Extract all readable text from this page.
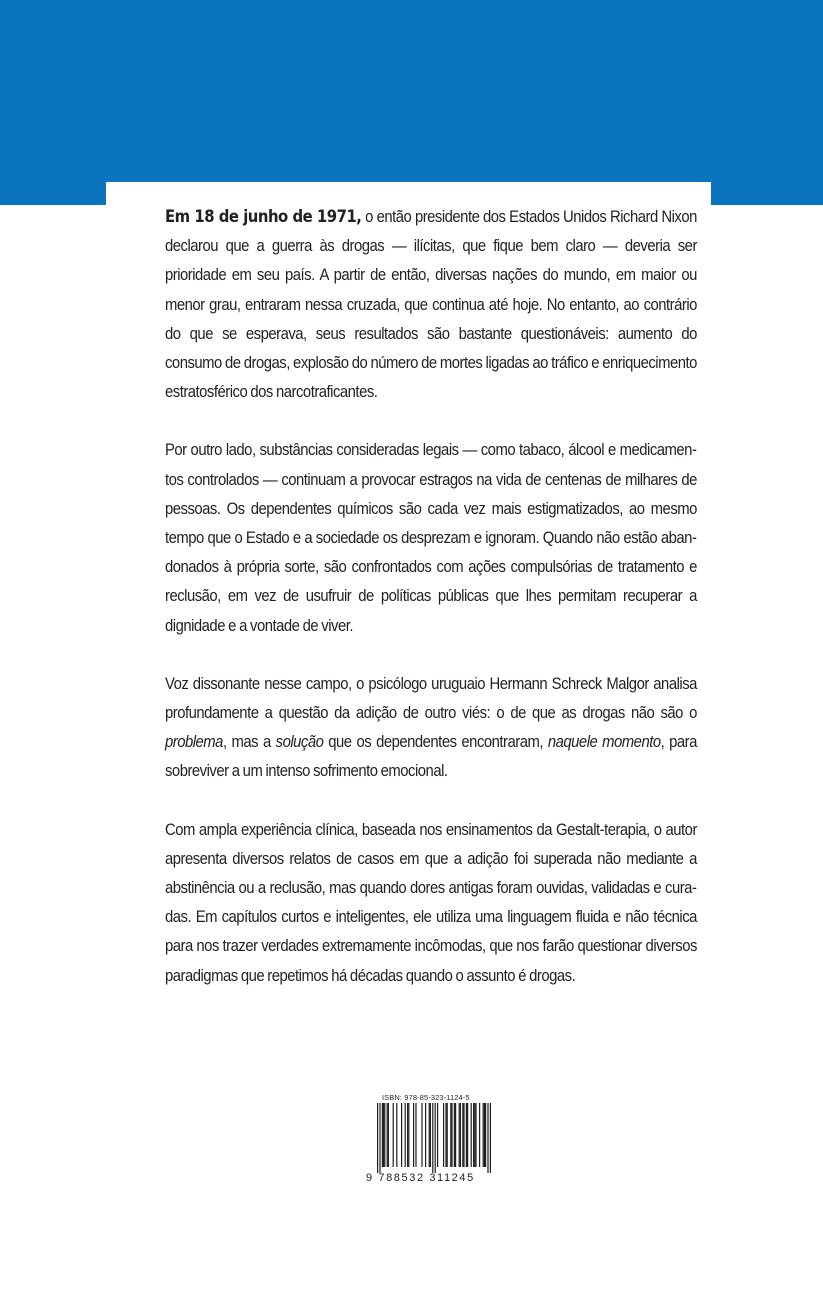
Em 18 de junho de 1971, o então presidente dos Estados Unidos Richard Nixon declarou que a guerra às drogas — ilícitas, que fique bem claro — deveria ser prioridade em seu país. A partir de então, diversas nações do mundo, em maior ou menor grau, entraram nessa cruzada, que continua até hoje. No entanto, ao contrário do que se esperava, seus resultados são bastante questionáveis: aumento do consumo de drogas, explosão do número de mortes ligadas ao tráfico e enriquecimento estratosférico dos narcotraficantes.

Por outro lado, substâncias consideradas legais — como tabaco, álcool e medicamentos controlados — continuam a provocar estragos na vida de centenas de milhares de pessoas. Os dependentes químicos são cada vez mais estigmatizados, ao mesmo tempo que o Estado e a sociedade os desprezam e ignoram. Quando não estão abandonados à própria sorte, são confrontados com ações compulsórias de tratamento e reclusão, em vez de usufruir de políticas públicas que lhes permitam recuperar a dignidade e a vontade de viver.

Voz dissonante nesse campo, o psicólogo uruguaio Hermann Schreck Malgor analisa profundamente a questão da adição de outro viés: o de que as drogas não são o problema, mas a solução que os dependentes encontraram, naquele momento, para sobreviver a um intenso sofrimento emocional.

Com ampla experiência clínica, baseada nos ensinamentos da Gestalt-terapia, o autor apresenta diversos relatos de casos em que a adição foi superada não mediante a abstinência ou a reclusão, mas quando dores antigas foram ouvidas, validadas e curadas. Em capítulos curtos e inteligentes, ele utiliza uma linguagem fluida e não técnica para nos trazer verdades extremamente incômodas, que nos farão questionar diversos paradigmas que repetimos há décadas quando o assunto é drogas.

ISBN: 978-85-323-1124-5
9 788532 311245
